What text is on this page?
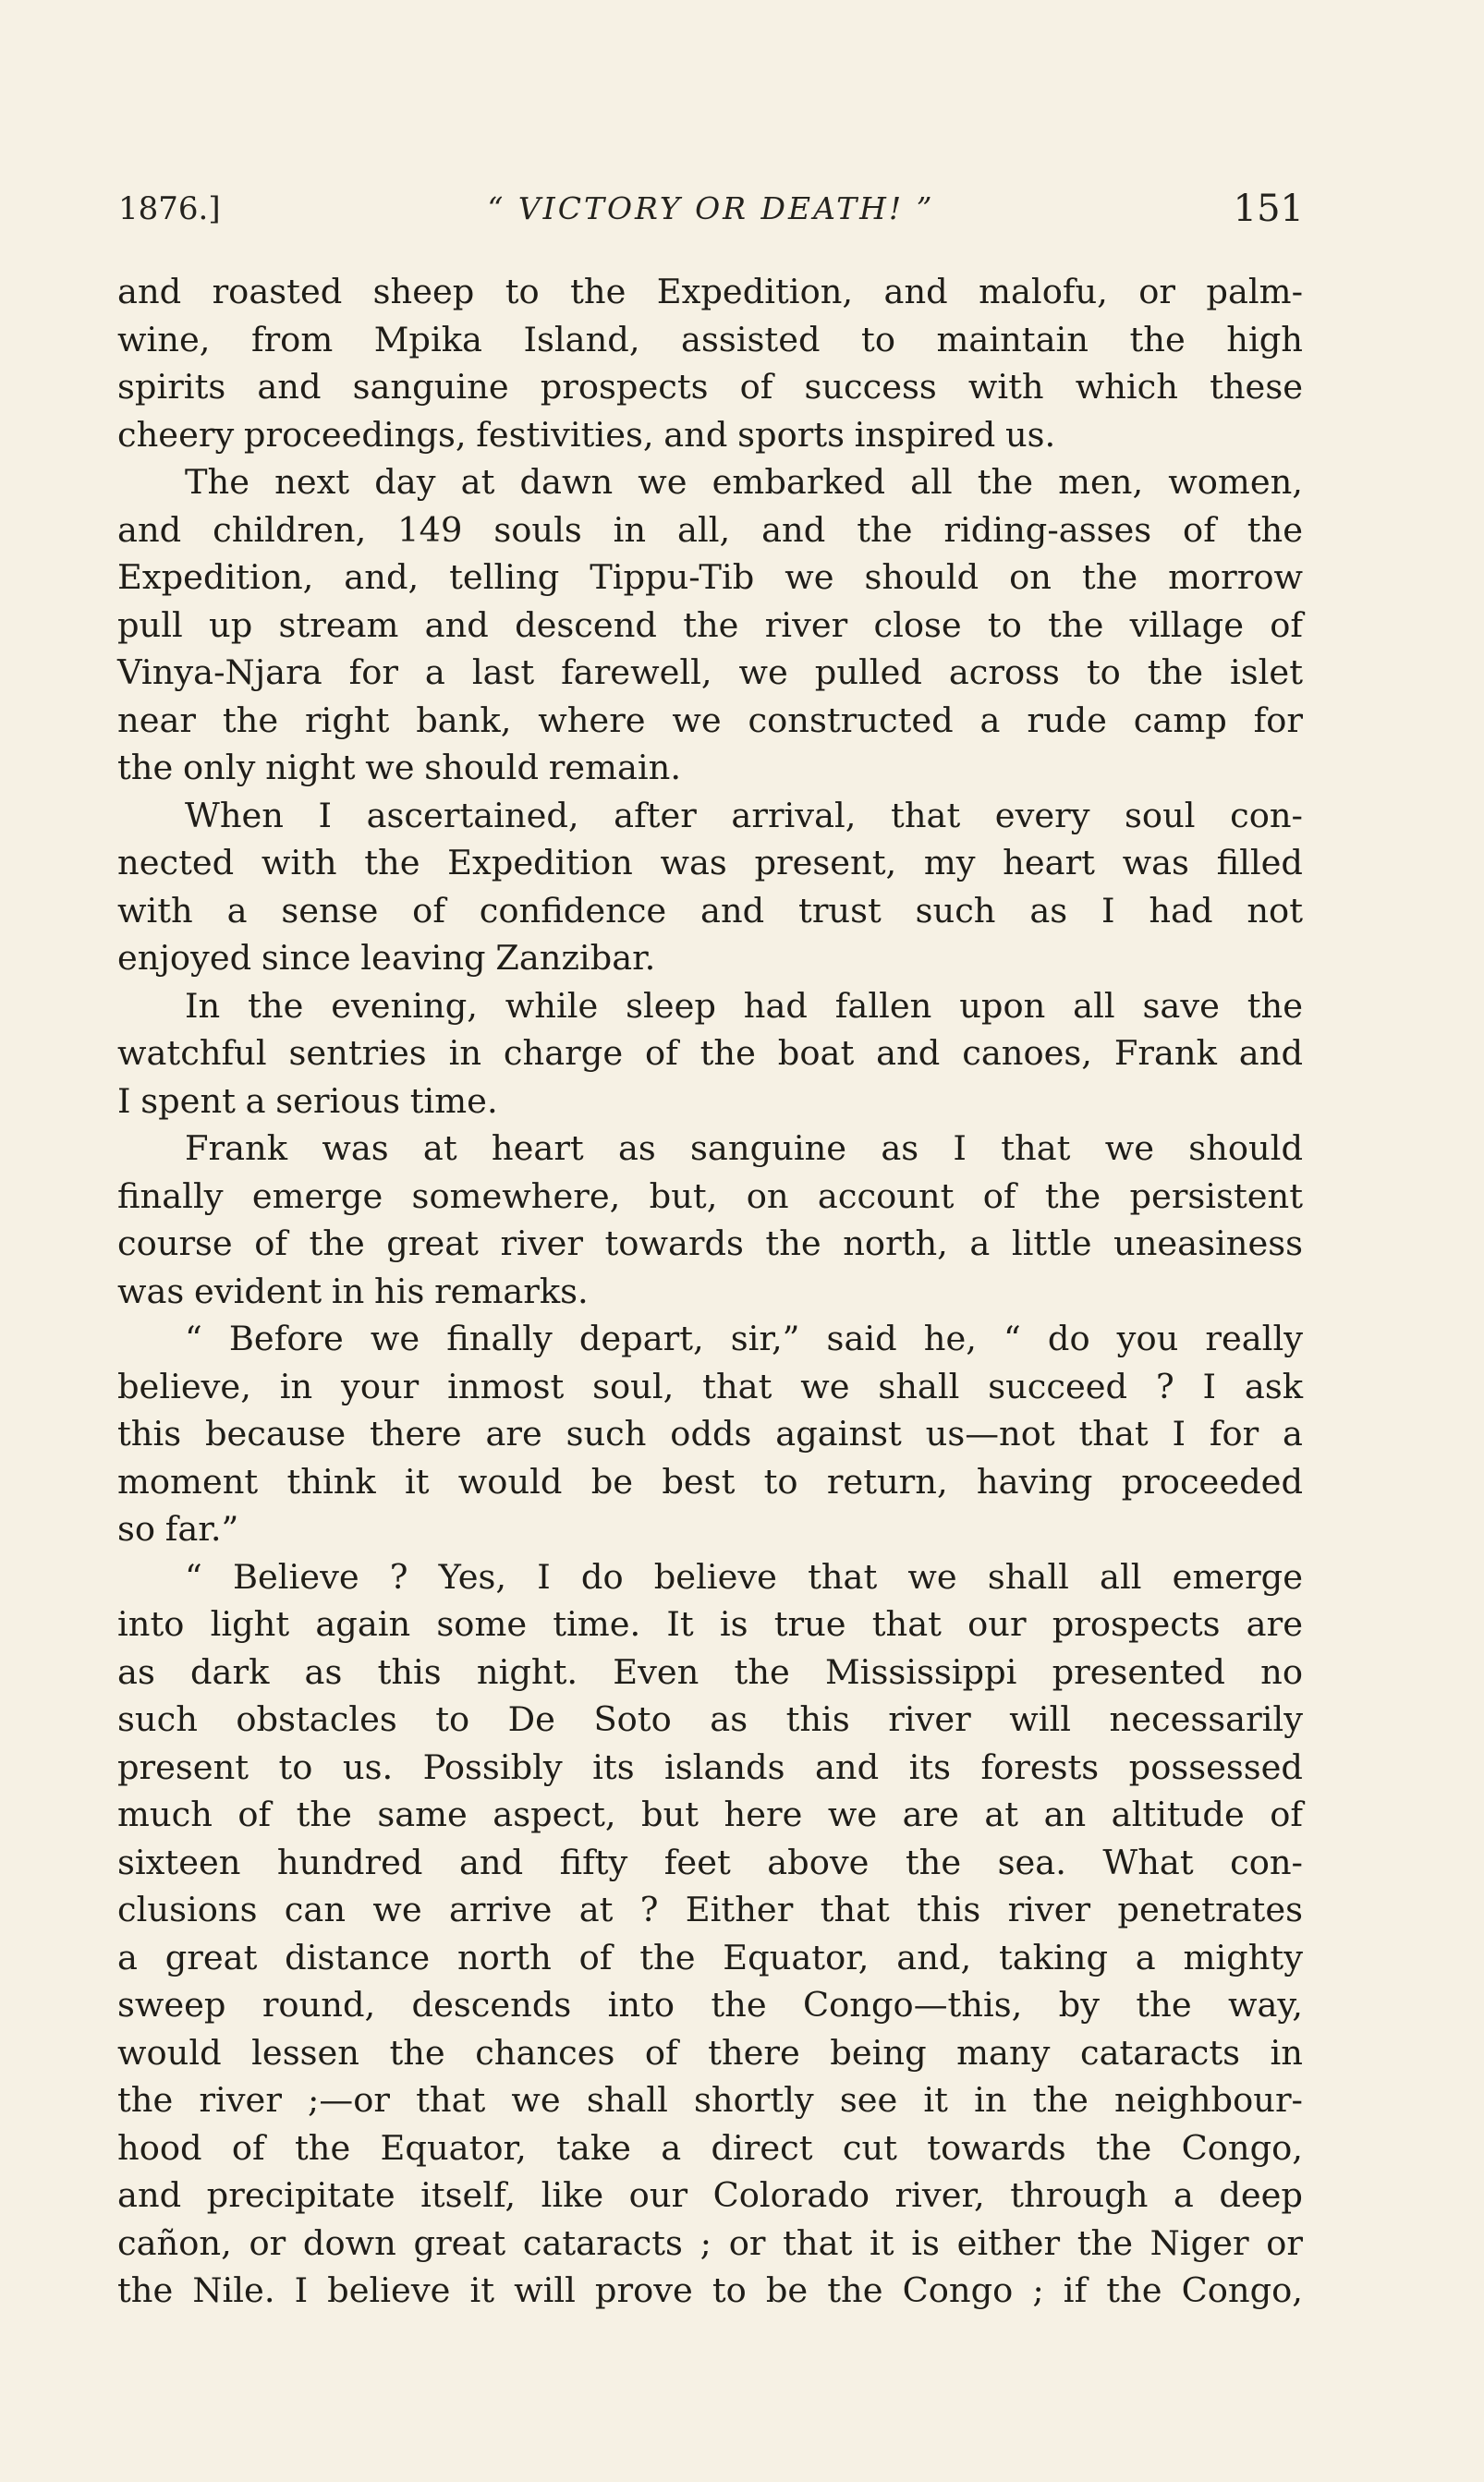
1876.]	“ VICTORY OR DEATH! ”	151
and roasted sheep to the Expedition, and malofu, or palm-
wine, from Mpika Island, assisted to maintain the high
spirits and sanguine prospects of success with which these
cheery proceedings, festivities, and sports inspired us.
The next day at dawn we embarked all the men, women,
and children, 149 souls in all, and the riding-asses of the
Expedition, and, telling Tippu-Tib we should on the morrow
pull up stream and descend the river close to the village of
Vinya-Njara for a last farewell, we pulled across to the islet
near the right bank, where we constructed a rude camp for
the only night we should remain.
When I ascertained, after arrival, that every soul con-
nected with the Expedition was present, my heart was filled
with a sense of confidence and trust such as I had not
enjoyed since leaving Zanzibar.
In the evening, while sleep had fallen upon all save the
watchful sentries in charge of the boat and canoes, Frank and
I spent a serious time.
Frank was at heart as sanguine as I that we should
finally emerge somewhere, but, on account of the persistent
course of the great river towards the north, a little uneasiness
was evident in his remarks.
“ Before we finally depart, sir,” said he, “ do you really
believe, in your inmost soul, that we shall succeed ? I ask
this because there are such odds against us—not that I for a
moment think it would be best to return, having proceeded
so far.”
“ Believe ? Yes, I do believe that we shall all emerge
into light again some time. It is true that our prospects are
as dark as this night. Even the Mississippi presented no
such obstacles to De Soto as this river will necessarily
present to us. Possibly its islands and its forests possessed
much of the same aspect, but here we are at an altitude of
sixteen hundred and fifty feet above the sea. What con-
clusions can we arrive at ? Either that this river penetrates
a great distance north of the Equator, and, taking a mighty
sweep round, descends into the Congo—this, by the way,
would lessen the chances of there being many cataracts in
the river ;—or that we shall shortly see it in the neighbour-
hood of the Equator, take a direct cut towards the Congo,
and precipitate itself, like our Colorado river, through a deep
cañon, or down great cataracts ; or that it is either the Niger or
the Nile. I believe it will prove to be the Congo ; if the Congo,
